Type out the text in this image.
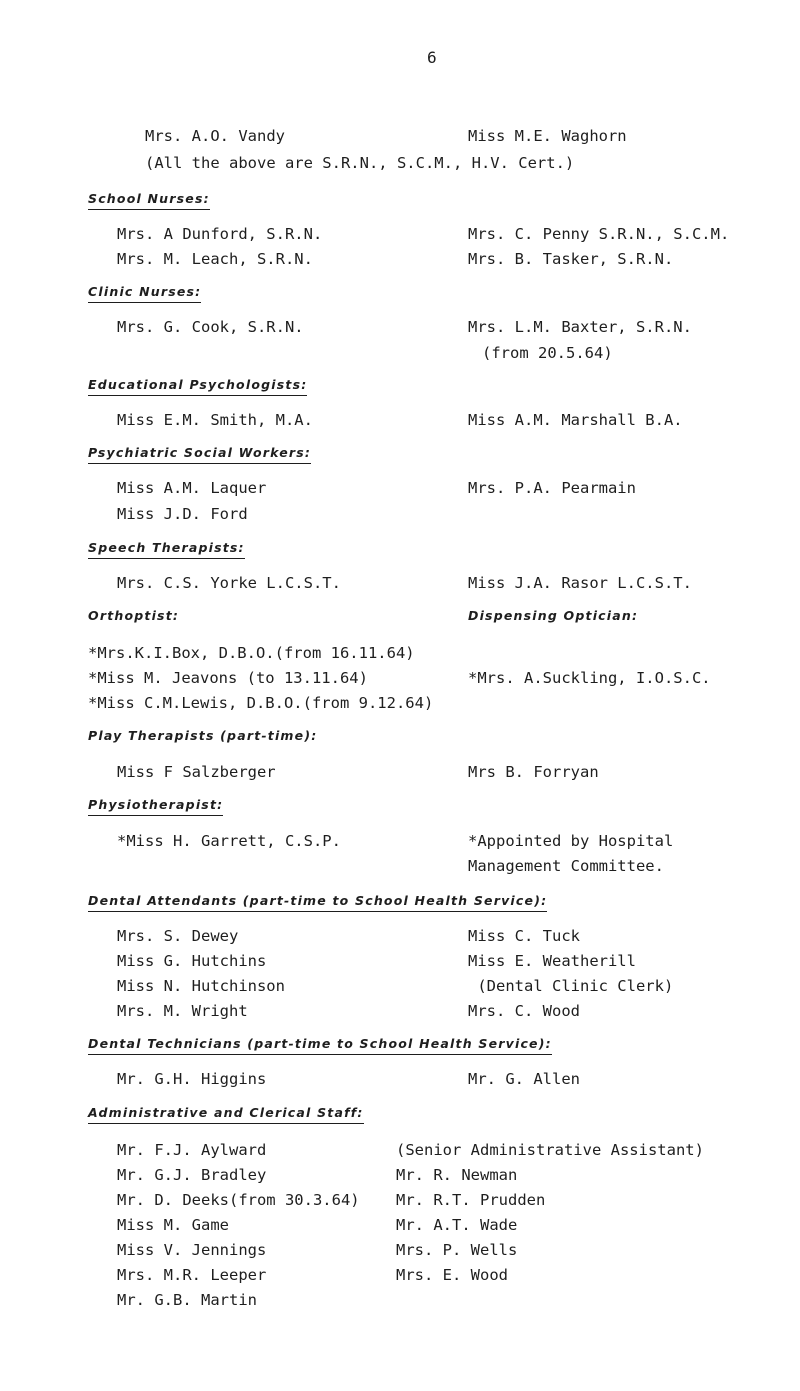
6
Mrs. A.O. Vandy	Miss M.E. Waghorn
(All the above are S.R.N., S.C.M., H.V. Cert.)
School Nurses:
Mrs. A Dunford, S.R.N.	Mrs. C. Penny S.R.N., S.C.M.
Mrs. M. Leach, S.R.N.	Mrs. B. Tasker, S.R.N.
Clinic Nurses:
Mrs. G. Cook, S.R.N.	Mrs. L.M. Baxter, S.R.N.
(from 20.5.64)
Educational Psychologists:
Miss E.M. Smith, M.A.	Miss A.M. Marshall B.A.
Psychiatric Social Workers:
Miss A.M. Laquer	Mrs. P.A. Pearmain
Miss J.D. Ford
Speech Therapists:
Mrs. C.S. Yorke L.C.S.T.	Miss J.A. Rasor L.C.S.T.
Orthoptist:	Dispensing Optician:
*Mrs.K.I.Box, D.B.O.(from 16.11.64)
*Miss M. Jeavons (to 13.11.64)	*Mrs. A.Suckling, I.O.S.C.
*Miss C.M.Lewis, D.B.O.(from 9.12.64)
Play Therapists (part-time):
Miss F Salzberger	Mrs B. Forryan
Physiotherapist:
*Miss H. Garrett, C.S.P.	*Appointed by Hospital
Management Committee.
Dental Attendants (part-time to School Health Service):
Mrs. S. Dewey	Miss C. Tuck
Miss G. Hutchins	Miss E. Weatherill
Miss N. Hutchinson	(Dental Clinic Clerk)
Mrs. M. Wright	Mrs. C. Wood
Dental Technicians (part-time to School Health Service):
Mr. G.H. Higgins	Mr. G. Allen
Administrative and Clerical Staff:
Mr. F.J. Aylward	(Senior Administrative Assistant)
Mr. G.J. Bradley	Mr. R. Newman
Mr. D. Deeks(from 30.3.64) Mr. R.T. Prudden
Miss M. Game	Mr. A.T. Wade
Miss V. Jennings	Mrs. P. Wells
Mrs. M.R. Leeper	Mrs. E. Wood
Mr. G.B. Martin
